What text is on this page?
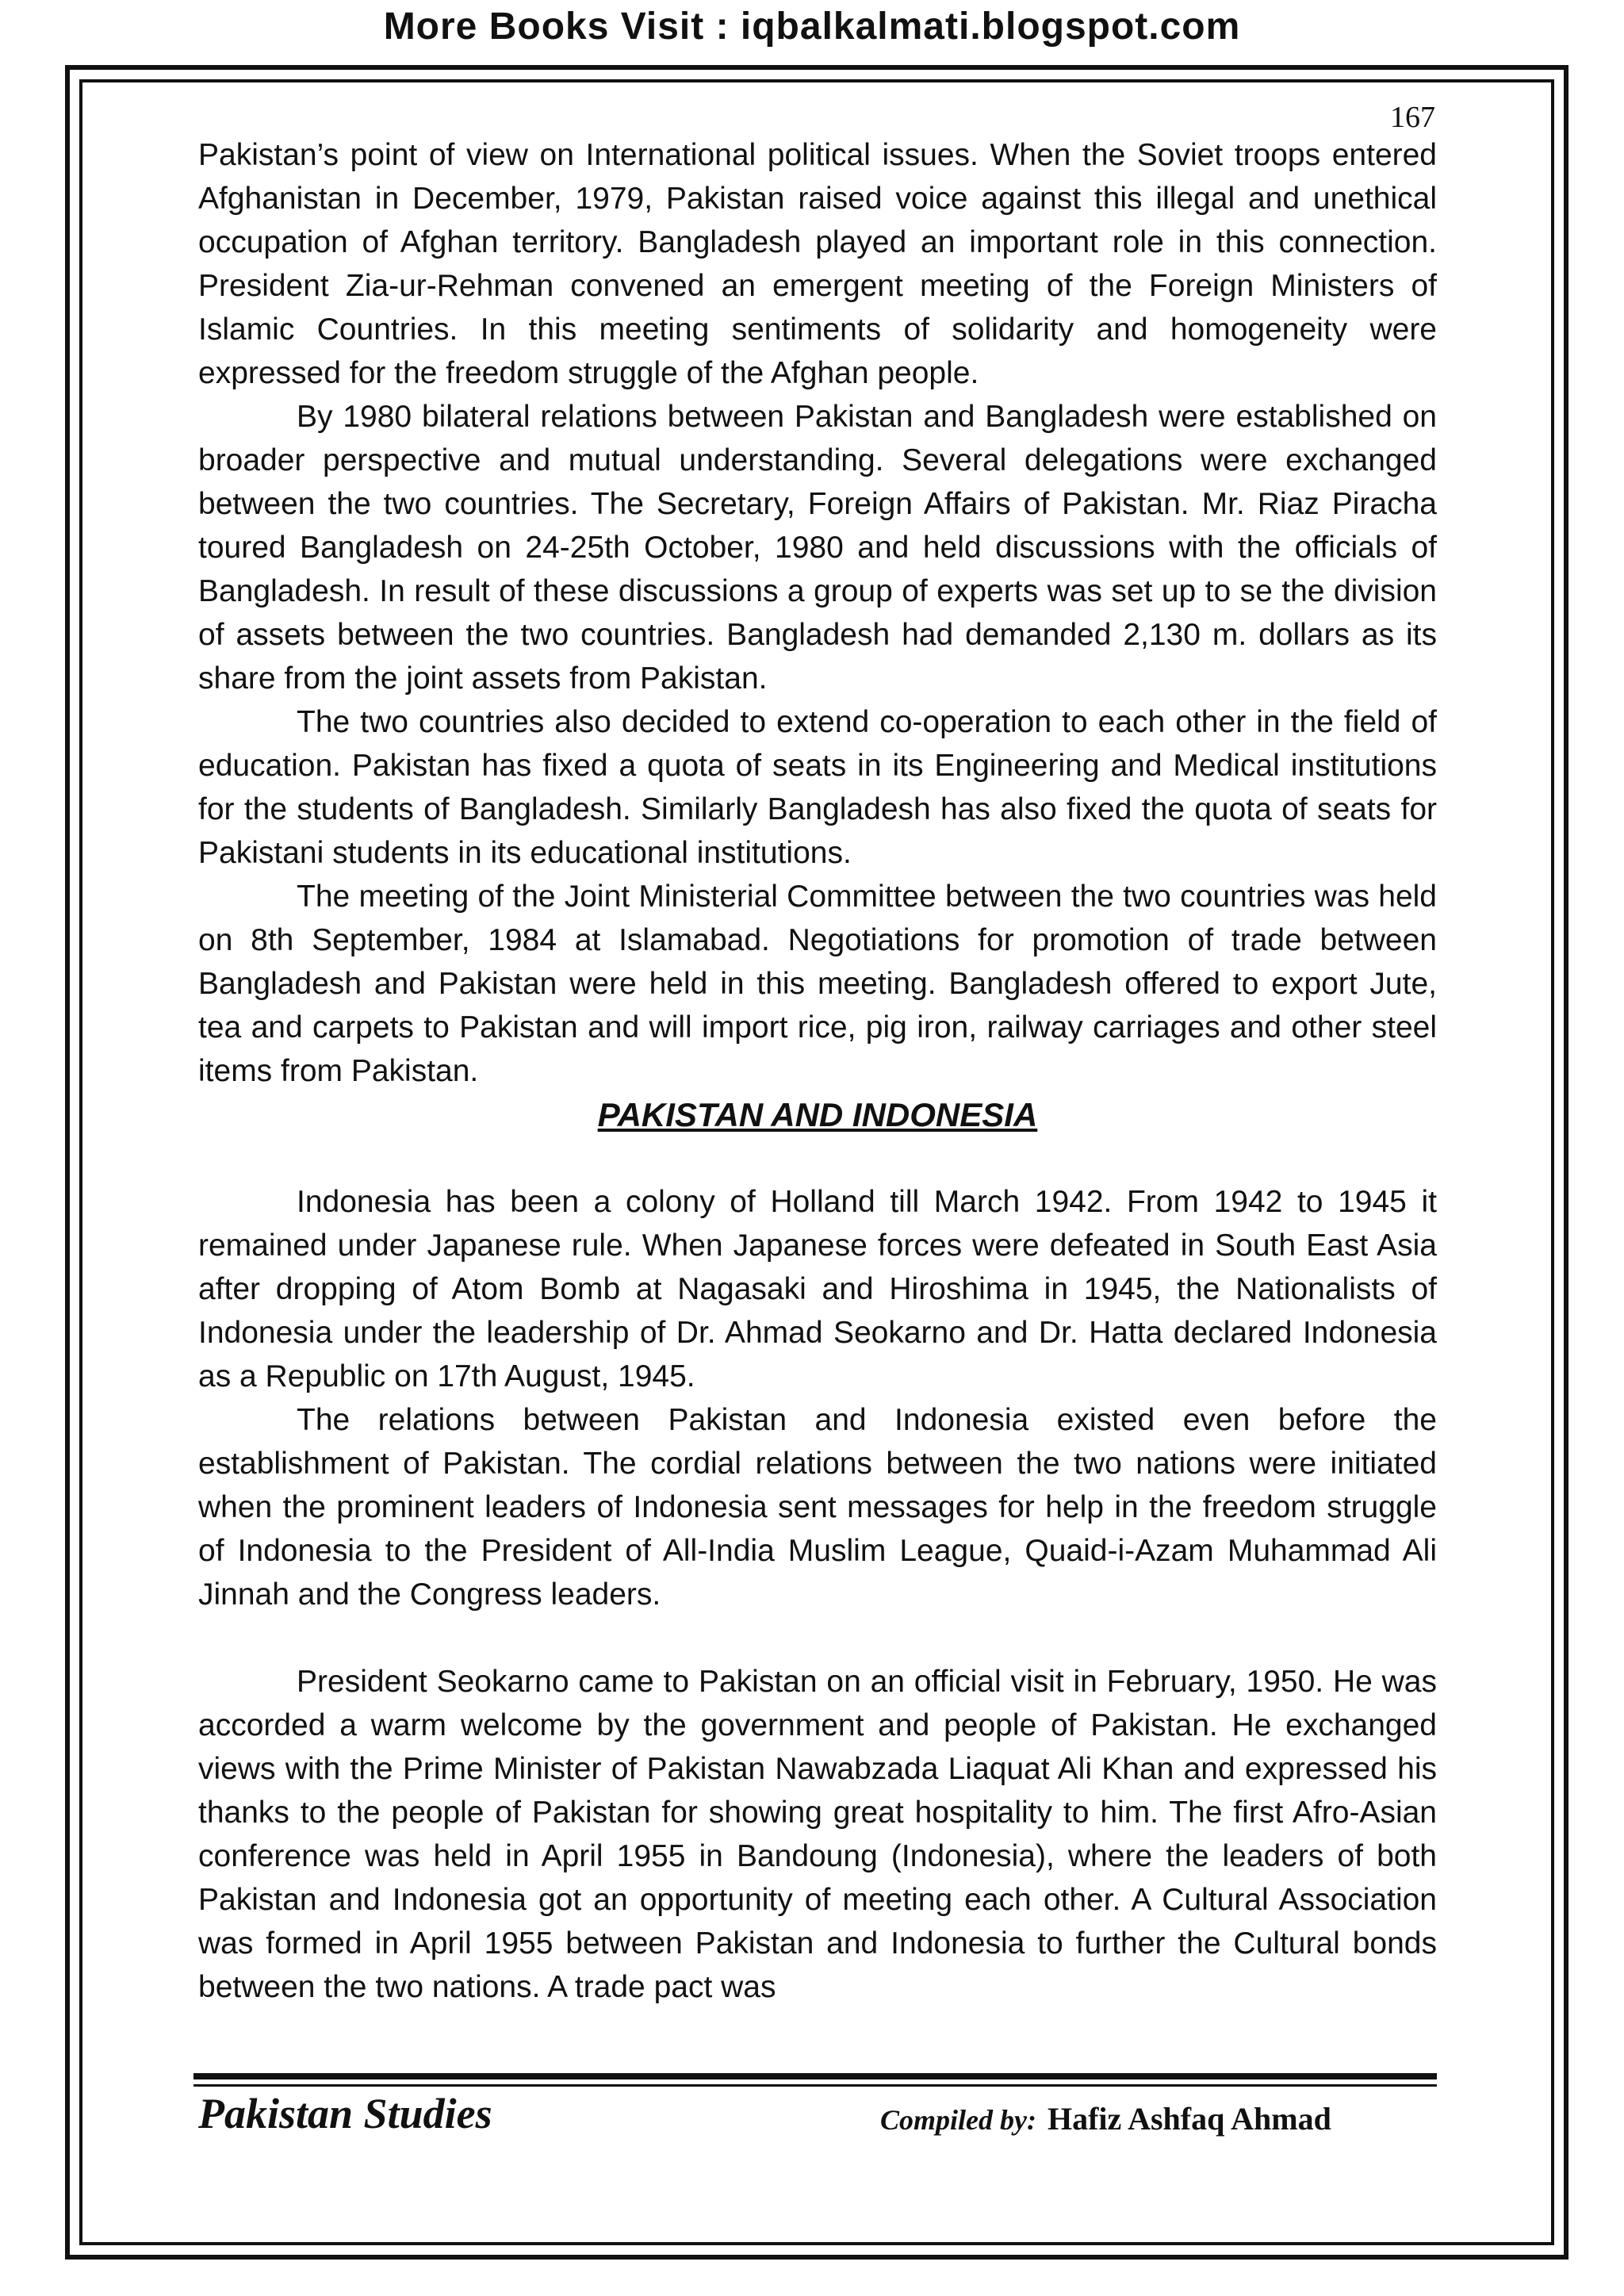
More Books Visit : iqbalkalmati.blogspot.com
167

Pakistan’s point of view on International political issues. When the Soviet troops entered Afghanistan in December, 1979, Pakistan raised voice against this illegal and unethical occupation of Afghan territory. Bangladesh played an important role in this connection. President Zia-ur-Rehman convened an emergent meeting of the Foreign Ministers of Islamic Countries. In this meeting sentiments of solidarity and homogeneity were expressed for the freedom struggle of the Afghan people.

By 1980 bilateral relations between Pakistan and Bangladesh were established on broader perspective and mutual understanding. Several delegations were exchanged between the two countries. The Secretary, Foreign Affairs of Pakistan. Mr. Riaz Piracha toured Bangladesh on 24-25th October, 1980 and held discussions with the officials of Bangladesh. In result of these discussions a group of experts was set up to se the division of assets between the two countries. Bangladesh had demanded 2,130 m. dollars as its share from the joint assets from Pakistan.

The two countries also decided to extend co-operation to each other in the field of education. Pakistan has fixed a quota of seats in its Engineering and Medical institutions for the students of Bangladesh. Similarly Bangladesh has also fixed the quota of seats for Pakistani students in its educational institutions.

The meeting of the Joint Ministerial Committee between the two countries was held on 8th September, 1984 at Islamabad. Negotiations for promotion of trade between Bangladesh and Pakistan were held in this meeting. Bangladesh offered to export Jute, tea and carpets to Pakistan and will import rice, pig iron, railway carriages and other steel items from Pakistan.

PAKISTAN AND INDONESIA

Indonesia has been a colony of Holland till March 1942. From 1942 to 1945 it remained under Japanese rule. When Japanese forces were defeated in South East Asia after dropping of Atom Bomb at Nagasaki and Hiroshima in 1945, the Nationalists of Indonesia under the leadership of Dr. Ahmad Seokarno and Dr. Hatta declared Indonesia as a Republic on 17th August, 1945.

The relations between Pakistan and Indonesia existed even before the establishment of Pakistan. The cordial relations between the two nations were initiated when the prominent leaders of Indonesia sent messages for help in the freedom struggle of Indonesia to the President of All-India Muslim League, Quaid-i-Azam Muhammad Ali Jinnah and the Congress leaders.

President Seokarno came to Pakistan on an official visit in February, 1950. He was accorded a warm welcome by the government and people of Pakistan. He exchanged views with the Prime Minister of Pakistan Nawabzada Liaquat Ali Khan and expressed his thanks to the people of Pakistan for showing great hospitality to him. The first Afro-Asian conference was held in April 1955 in Bandoung (Indonesia), where the leaders of both Pakistan and Indonesia got an opportunity of meeting each other. A Cultural Association was formed in April 1955 between Pakistan and Indonesia to further the Cultural bonds between the two nations. A trade pact was

Pakistan Studies	Compiled by: Hafiz Ashfaq Ahmad
